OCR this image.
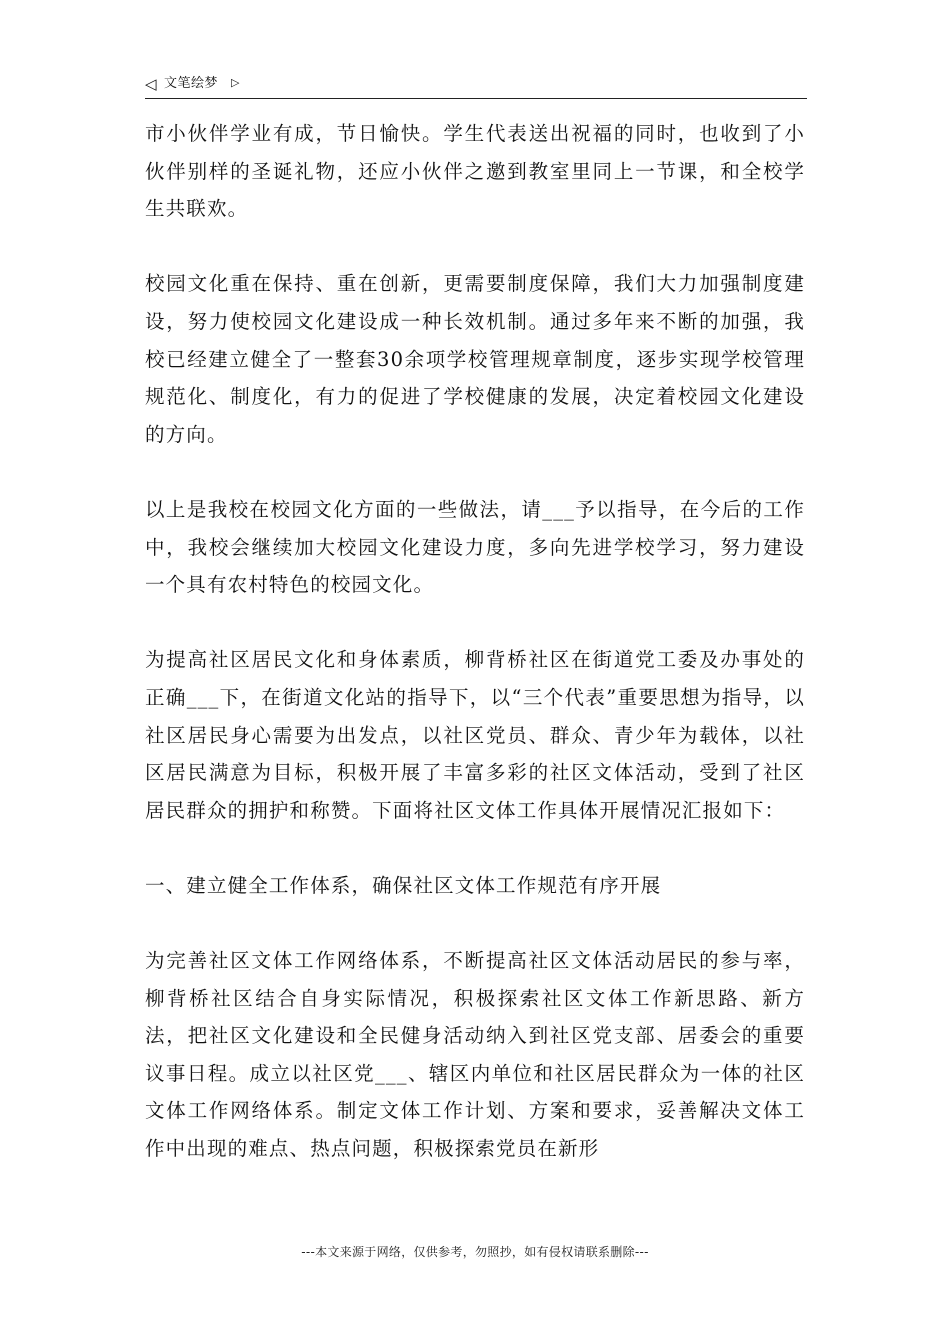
◁ 文笔绘梦 ▷

市小伙伴学业有成，节日愉快。学生代表送出祝福的同时，也收到了小伙伴别样的圣诞礼物，还应小伙伴之邀到教室里同上一节课，和全校学生共联欢。

校园文化重在保持、重在创新，更需要制度保障，我们大力加强制度建设，努力使校园文化建设成一种长效机制。通过多年来不断的加强，我校已经建立健全了一整套30余项学校管理规章制度，逐步实现学校管理规范化、制度化，有力的促进了学校健康的发展，决定着校园文化建设的方向。

以上是我校在校园文化方面的一些做法，请___予以指导，在今后的工作中，我校会继续加大校园文化建设力度，多向先进学校学习，努力建设一个具有农村特色的校园文化。

为提高社区居民文化和身体素质，柳背桥社区在街道党工委及办事处的正确___下，在街道文化站的指导下，以“三个代表”重要思想为指导，以社区居民身心需要为出发点，以社区党员、群众、青少年为载体，以社区居民满意为目标，积极开展了丰富多彩的社区文体活动，受到了社区居民群众的拥护和称赞。下面将社区文体工作具体开展情况汇报如下：

一、建立健全工作体系，确保社区文体工作规范有序开展

为完善社区文体工作网络体系，不断提高社区文体活动居民的参与率，柳背桥社区结合自身实际情况，积极探索社区文体工作新思路、新方法，把社区文化建设和全民健身活动纳入到社区党支部、居委会的重要议事日程。成立以社区党___、辖区内单位和社区居民群众为一体的社区文体工作网络体系。制定文体工作计划、方案和要求，妥善解决文体工作中出现的难点、热点问题，积极探索党员在新形

---本文来源于网络，仅供参考，勿照抄，如有侵权请联系删除---
